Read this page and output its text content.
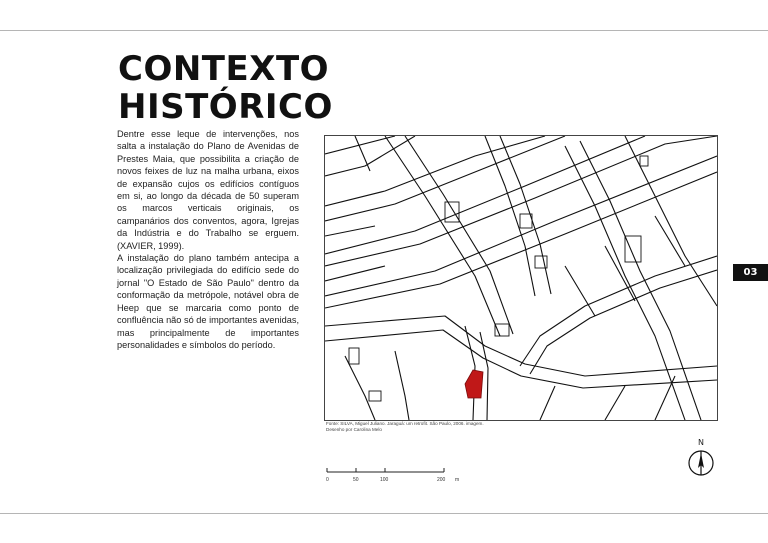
CONTEXTO
HISTÓRICO

Dentre esse leque de intervenções, nos salta a instalação do Plano de Avenidas de Prestes Maia, que possibilita a criação de novos feixes de luz na malha urbana, eixos de expansão cujos os edifícios contíguos em si, ao longo da década de 50 superam os marcos verticais originais, os campanários dos conventos, agora, Igrejas da Indústria e do Trabalho se erguem. (XAVIER, 1999).

A instalação do plano também antecipa a localização privilegiada do edifício sede do jornal "O Estado de São Paulo" dentro da conformação da metrópole, notável obra de Heep que se marcaria como ponto de confluência não só de importantes avenidas, mas principalmente de importantes personalidades e símbolos do período.

03

Fonte: SILVA, Miguel Juliano. Jaraguá: um retrofit. São Paulo, 2006. imagem.

Desenho por Carolina Melo

N
0	50	100	200 m
